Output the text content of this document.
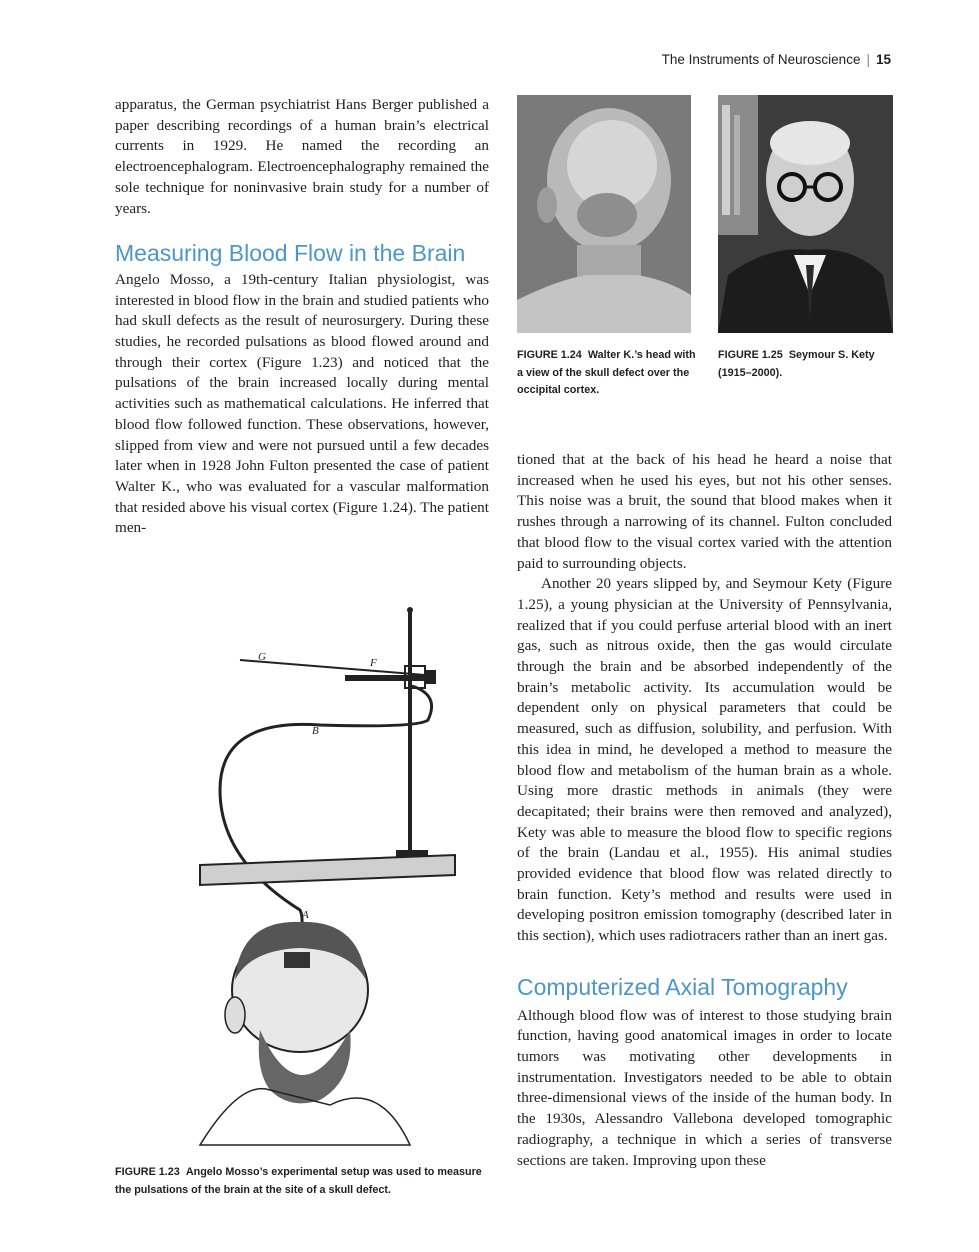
The Instruments of Neuroscience | 15

apparatus, the German psychiatrist Hans Berger published a paper describing recordings of a human brain’s electrical currents in 1929. He named the recording an electroencephalogram. Electroencephalography remained the sole technique for noninvasive brain study for a number of years.

Measuring Blood Flow in the Brain

Angelo Mosso, a 19th-century Italian physiologist, was interested in blood flow in the brain and studied patients who had skull defects as the result of neurosurgery. During these studies, he recorded pulsations as blood flowed around and through their cortex (Figure 1.23) and noticed that the pulsations of the brain increased locally during mental activities such as mathematical calculations. He inferred that blood flow followed function. These observations, however, slipped from view and were not pursued until a few decades later when in 1928 John Fulton presented the case of patient Walter K., who was evaluated for a vascular malformation that resided above his visual cortex (Figure 1.24). The patient men-

tioned that at the back of his head he heard a noise that increased when he used his eyes, but not his other senses. This noise was a bruit, the sound that blood makes when it rushes through a narrowing of its channel. Fulton concluded that blood flow to the visual cortex varied with the attention paid to surrounding objects.

Another 20 years slipped by, and Seymour Kety (Figure 1.25), a young physician at the University of Pennsylvania, realized that if you could perfuse arterial blood with an inert gas, such as nitrous oxide, then the gas would circulate through the brain and be absorbed independently of the brain’s metabolic activity. Its accumulation would be dependent only on physical parameters that could be measured, such as diffusion, solubility, and perfusion. With this idea in mind, he developed a method to measure the blood flow and metabolism of the human brain as a whole. Using more drastic methods in animals (they were decapitated; their brains were then removed and analyzed), Kety was able to measure the blood flow to specific regions of the brain (Landau et al., 1955). His animal studies provided evidence that blood flow was related directly to brain function. Kety’s method and results were used in developing positron emission tomography (described later in this section), which uses radiotracers rather than an inert gas.

Computerized Axial Tomography

Although blood flow was of interest to those studying brain function, having good anatomical images in order to locate tumors was motivating other developments in instrumentation. Investigators needed to be able to obtain three-dimensional views of the inside of the human body. In the 1930s, Alessandro Vallebona developed tomographic radiography, a technique in which a series of transverse sections are taken. Improving upon these

FIGURE 1.24 Walter K.’s head with a view of the skull defect over the occipital cortex.
FIGURE 1.25 Seymour S. Kety (1915–2000).
G	F
B
A
FIGURE 1.23 Angelo Mosso’s experimental setup was used to measure the pulsations of the brain at the site of a skull defect.
